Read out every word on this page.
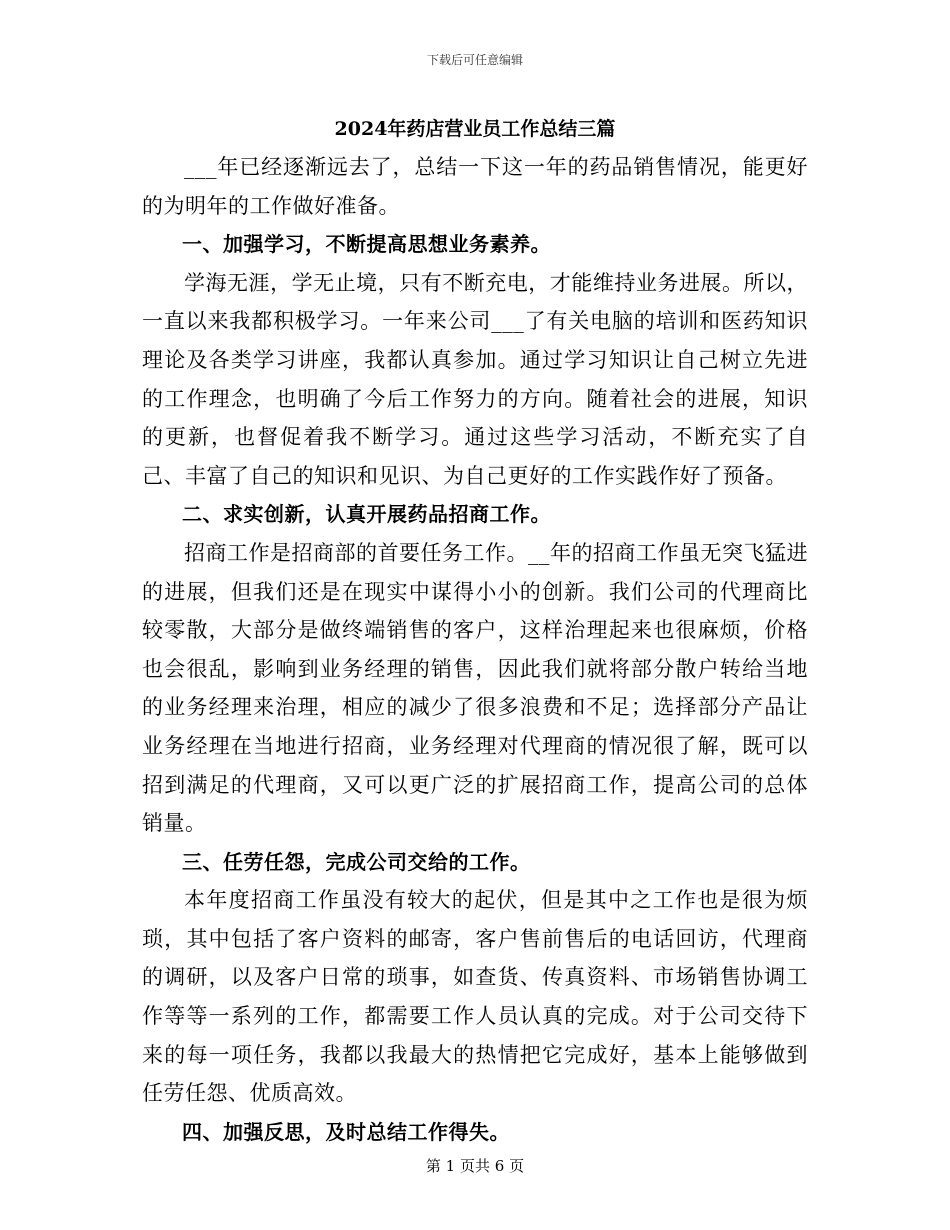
下载后可任意编辑
2024年药店营业员工作总结三篇

___年已经逐渐远去了，总结一下这一年的药品销售情况，能更好的为明年的工作做好准备。

一、加强学习，不断提高思想业务素养。

学海无涯，学无止境，只有不断充电，才能维持业务进展。所以，一直以来我都积极学习。一年来公司___了有关电脑的培训和医药知识理论及各类学习讲座，我都认真参加。通过学习知识让自己树立先进的工作理念，也明确了今后工作努力的方向。随着社会的进展，知识的更新，也督促着我不断学习。通过这些学习活动，不断充实了自己、丰富了自己的知识和见识、为自己更好的工作实践作好了预备。

二、求实创新，认真开展药品招商工作。

招商工作是招商部的首要任务工作。__年的招商工作虽无突飞猛进的进展，但我们还是在现实中谋得小小的创新。我们公司的代理商比较零散，大部分是做终端销售的客户，这样治理起来也很麻烦，价格也会很乱，影响到业务经理的销售，因此我们就将部分散户转给当地的业务经理来治理，相应的减少了很多浪费和不足；选择部分产品让业务经理在当地进行招商，业务经理对代理商的情况很了解，既可以招到满足的代理商，又可以更广泛的扩展招商工作，提高公司的总体销量。

三、任劳任怨，完成公司交给的工作。

本年度招商工作虽没有较大的起伏，但是其中之工作也是很为烦琐，其中包括了客户资料的邮寄，客户售前售后的电话回访，代理商的调研，以及客户日常的琐事，如查货、传真资料、市场销售协调工作等等一系列的工作，都需要工作人员认真的完成。对于公司交待下来的每一项任务，我都以我最大的热情把它完成好，基本上能够做到任劳任怨、优质高效。

四、加强反思，及时总结工作得失。

第 1 页共 6 页
